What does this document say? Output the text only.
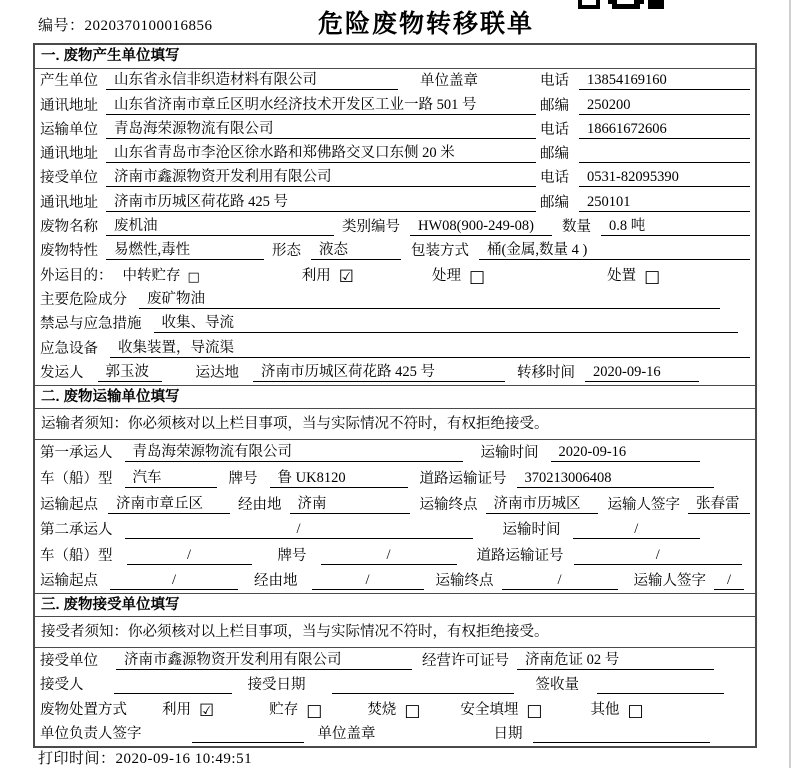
编号：2020370100016856	危险废物转移联单
一. 废物产生单位填写
产生单位	山东省永信非织造材料有限公司	单位盖章	电话	13854169160
通讯地址	山东省济南市章丘区明水经济技术开发区工业一路 501 号	邮编	250200
运输单位	青岛海荣源物流有限公司	电话	18661672606
通讯地址	山东省青岛市李沧区徐水路和郑佛路交叉口东侧 20 米	邮编
接受单位	济南市鑫源物资开发利用有限公司	电话	0531-82095390
通讯地址	济南市历城区荷花路 425 号	邮编	250101
废物名称	废机油	类别编号	HW08(900-249-08)	数量	0.8 吨
废物特性	易燃性,毒性	形态	液态	包装方式	桶(金属,数量 4 )
外运目的： 中转贮存 □	利用 ☑	处理 □	处置 □
主要危险成分	废矿物油
禁忌与应急措施	收集、导流
应急设备	收集装置，导流渠
发运人	郭玉波	运达地	济南市历城区荷花路 425 号	转移时间	2020-09-16
二. 废物运输单位填写
运输者须知：你必须核对以上栏目事项，当与实际情况不符时，有权拒绝接受。
第一承运人	青岛海荣源物流有限公司	运输时间	2020-09-16
车（船）型	汽车	牌号	鲁 UK8120	道路运输证号	370213006408
运输起点	济南市章丘区	经由地	济南	运输终点	济南市历城区	运输人签字	张春雷
第二承运人	/	运输时间	/
车（船）型	/	牌号	/	道路运输证号	/
运输起点	/	经由地	/	运输终点	/	运输人签字	/
三. 废物接受单位填写
接受者须知：你必须核对以上栏目事项，当与实际情况不符时，有权拒绝接受。
接受单位	济南市鑫源物资开发利用有限公司	经营许可证号	济南危证 02 号
接受人	接受日期	签收量
废物处置方式 利用 ☑	贮存 □	焚烧 □	安全填埋 □	其他 □
单位负责人签字	单位盖章	日期
打印时间：2020-09-16 10:49:51
